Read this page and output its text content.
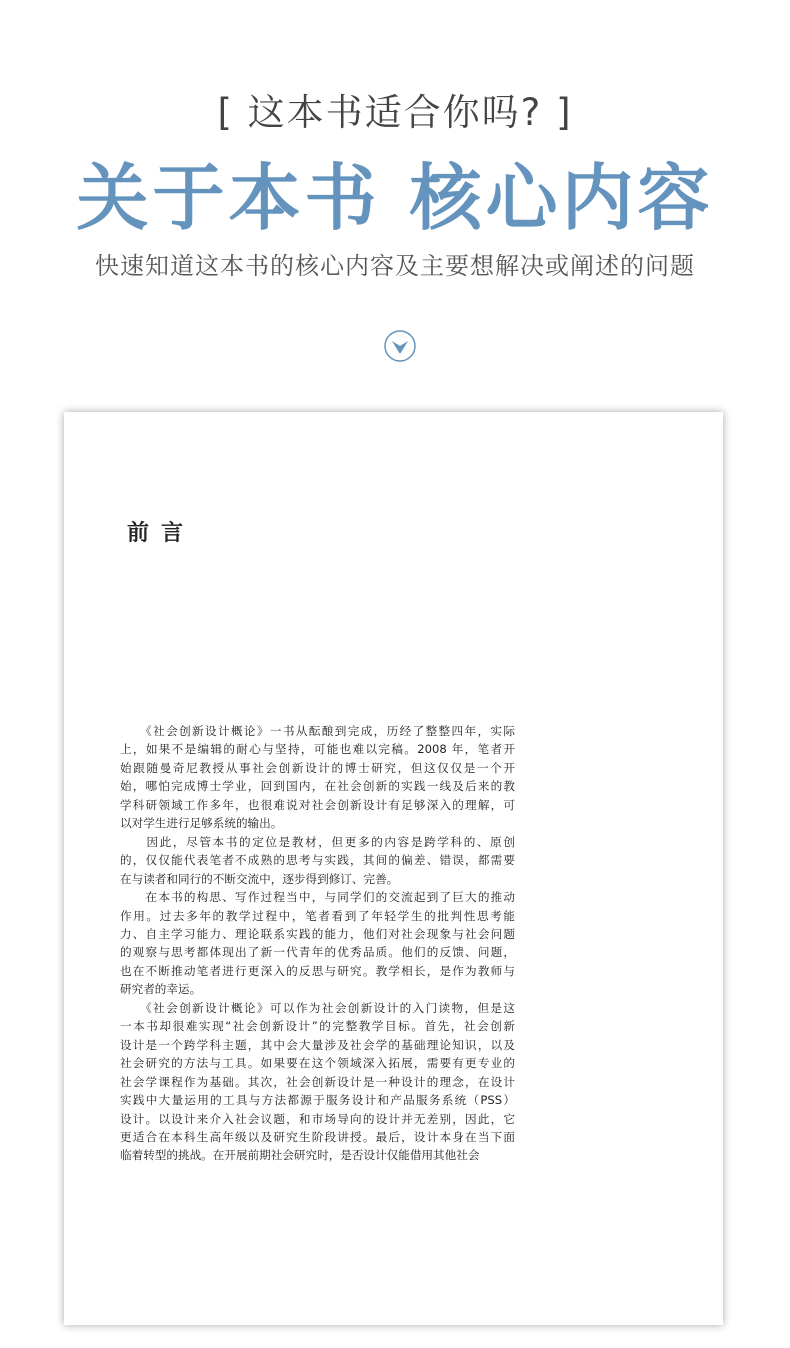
[ 这本书适合你吗? ]
关于本书 核心内容
快速知道这本书的核心内容及主要想解决或阐述的问题
前言
　　《社会创新设计概论》一书从酝酿到完成，历经了整整四年，实际
上，如果不是编辑的耐心与坚持，可能也难以完稿。2008 年，笔者开
始跟随曼奇尼教授从事社会创新设计的博士研究，但这仅仅是一个开
始，哪怕完成博士学业，回到国内，在社会创新的实践一线及后来的教
学科研领域工作多年，也很难说对社会创新设计有足够深入的理解，可
以对学生进行足够系统的输出。
　　因此，尽管本书的定位是教材，但更多的内容是跨学科的、原创
的，仅仅能代表笔者不成熟的思考与实践，其间的偏差、错误，都需要
在与读者和同行的不断交流中，逐步得到修订、完善。
　　在本书的构思、写作过程当中，与同学们的交流起到了巨大的推动
作用。过去多年的教学过程中，笔者看到了年轻学生的批判性思考能
力、自主学习能力、理论联系实践的能力，他们对社会现象与社会问题
的观察与思考都体现出了新一代青年的优秀品质。他们的反馈、问题，
也在不断推动笔者进行更深入的反思与研究。教学相长，是作为教师与
研究者的幸运。
　　《社会创新设计概论》可以作为社会创新设计的入门读物，但是这
一本书却很难实现“社会创新设计”的完整教学目标。首先，社会创新
设计是一个跨学科主题，其中会大量涉及社会学的基础理论知识，以及
社会研究的方法与工具。如果要在这个领域深入拓展，需要有更专业的
社会学课程作为基础。其次，社会创新设计是一种设计的理念，在设计
实践中大量运用的工具与方法都源于服务设计和产品服务系统（PSS）
设计。以设计来介入社会议题，和市场导向的设计并无差别，因此，它
更适合在本科生高年级以及研究生阶段讲授。最后，设计本身在当下面
临着转型的挑战。在开展前期社会研究时，是否设计仅能借用其他社会
